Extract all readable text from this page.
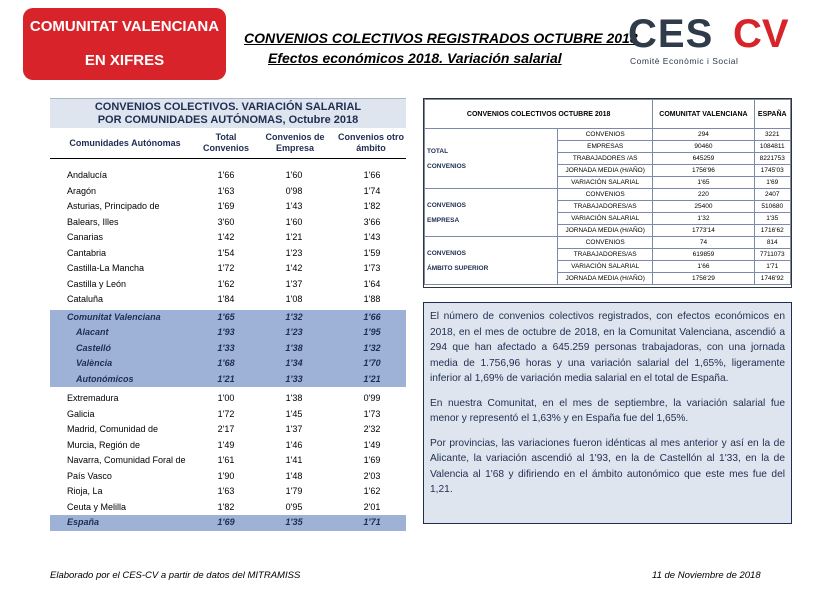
COMUNITAT VALENCIANA
EN XIFRES
CONVENIOS COLECTIVOS REGISTRADOS OCTUBRE 2018
Efectos económicos 2018. Variación salarial
CES CV
Comitè Econòmic i Social
CONVENIOS COLECTIVOS. VARIACIÓN SALARIAL
POR COMUNIDADES AUTÓNOMAS, Octubre 2018
Comunidades Autónomas
Total Convenios
Convenios de Empresa
Convenios otro ámbito
Andalucía	1'66	1'60	1'66
Aragón	1'63	0'98	1'74
Asturias, Principado de	1'69	1'43	1'82
Balears, Illes	3'60	1'60	3'66
Canarias	1'42	1'21	1'43
Cantabria	1'54	1'23	1'59
Castilla-La Mancha	1'72	1'42	1'73
Castilla y León	1'62	1'37	1'64
Cataluña	1'84	1'08	1'88
Comunitat Valenciana	1'65	1'32	1'66
Alacant	1'93	1'23	1'95
Castelló	1'33	1'38	1'32
València	1'68	1'34	1'70
Autonómicos	1'21	1'33	1'21
Extremadura	1'00	1'38	0'99
Galicia	1'72	1'45	1'73
Madrid, Comunidad de	2'17	1'37	2'32
Murcia, Región de	1'49	1'46	1'49
Navarra, Comunidad Foral de	1'61	1'41	1'69
País Vasco	1'90	1'48	2'03
Rioja, La	1'63	1'79	1'62
Ceuta y Melilla	1'82	0'95	2'01
España	1'69	1'35	1'71
CONVENIOS COLECTIVOS OCTUBRE 2018		COMUNITAT VALENCIANA	ESPAÑA

TOTAL
CONVENIOS	CONVENIOS	294	3221
	EMPRESAS	90460	1084811
	TRABAJADORES /AS	645259	8221753
	JORNADA MEDIA (H/AÑO)	1756'96	1745'03
	VARIACIÓN SALARIAL	1'65	1'69

CONVENIOS
EMPRESA	CONVENIOS	220	2407
	TRABAJADORES/AS	25400	510680
	VARIACIÓN SALARIAL	1'32	1'35
	JORNADA MEDIA (H/AÑO)	1773'14	1716'62

CONVENIOS
ÁMBITO SUPERIOR	CONVENIOS	74	814
	TRABAJADORES/AS	619859	7711073
	VARIACIÓN SALARIAL	1'66	1'71
	JORNADA MEDIA (H/AÑO)	1756'29	1746'92

El número de convenios colectivos registrados, con efectos económicos en 2018, en el mes de octubre de 2018, en la Comunitat Valenciana, ascendió a 294 que han afectado a 645.259 personas trabajadoras, con una jornada media de 1.756,96 horas y una variación salarial del 1,65%, ligeramente inferior al 1,69% de variación media salarial en el total de España.

En nuestra Comunitat, en el mes de septiembre, la variación salarial fue menor y representó el 1,63% y en España fue del 1,65%.

Por provincias, las variaciones fueron idénticas al mes anterior y así en la de Alicante, la variación ascendió al 1'93, en la de Castellón al 1'33, en la de Valencia al 1'68 y difiriendo en el ámbito autonómico que este mes fue del 1,21.

Elaborado por el CES-CV a partir de datos del MITRAMISS	11 de Noviembre de 2018
